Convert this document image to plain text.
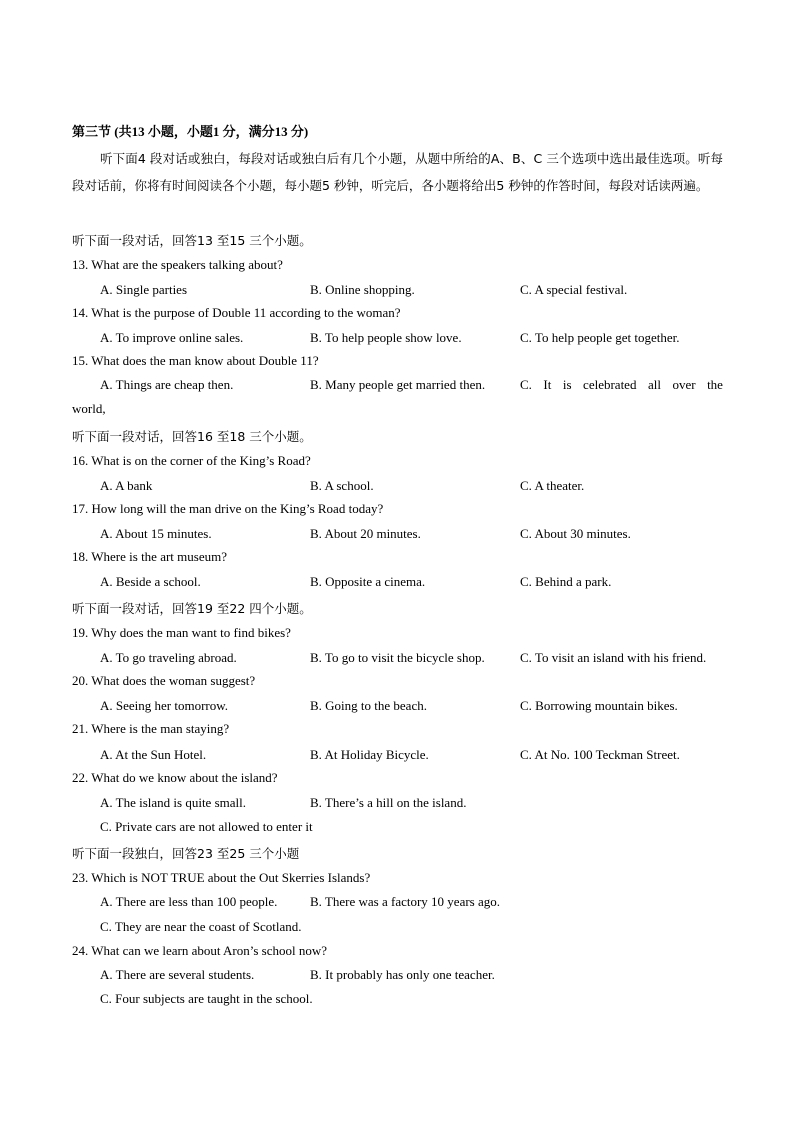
第三节 (共13 小题，小题1 分，满分13 分)
听下面4 段对话或独白，每段对话或独白后有几个小题，从题中所给的A、B、C 三个选项中选出最佳选项。听每段对话前，你将有时间阅读各个小题，每小题5 秒钟，听完后，各小题将给出5 秒钟的作答时间，每段对话读两遍。
听下面一段对话，回答13 至15 三个小题。
13. What are the speakers talking about?
A. Single parties	B. Online shopping.	C. A special festival.
14. What is the purpose of Double 11 according to the woman?
A. To improve online sales.	B. To help people show love.	C. To help people get together.
15. What does the man know about Double 11?
A. Things are cheap then.	B. Many people get married then.	C. It is celebrated all over the
world,
听下面一段对话，回答16 至18 三个小题。
16. What is on the corner of the King’s Road?
A. A bank	B. A school.	C. A theater.
17. How long will the man drive on the King’s Road today?
A. About 15 minutes.	B. About 20 minutes.	C. About 30 minutes.
18. Where is the art museum?
A. Beside a school.	B. Opposite a cinema.	C. Behind a park.
听下面一段对话，回答19 至22 四个小题。
19. Why does the man want to find bikes?
A. To go traveling abroad.	B. To go to visit the bicycle shop.	C. To visit an island with his friend.
20. What does the woman suggest?
A. Seeing her tomorrow.	B. Going to the beach.	C. Borrowing mountain bikes.
21. Where is the man staying?
A. At the Sun Hotel.	B. At Holiday Bicycle.	C. At No. 100 Teckman Street.
22. What do we know about the island?
A. The island is quite small.	B. There’s a hill on the island.
C. Private cars are not allowed to enter it
听下面一段独白，回答23 至25 三个小题
23. Which is NOT TRUE about the Out Skerries Islands?
A. There are less than 100 people.	B. There was a factory 10 years ago.
C. They are near the coast of Scotland.
24. What can we learn about Aron’s school now?
A. There are several students.	B. It probably has only one teacher.
C. Four subjects are taught in the school.
